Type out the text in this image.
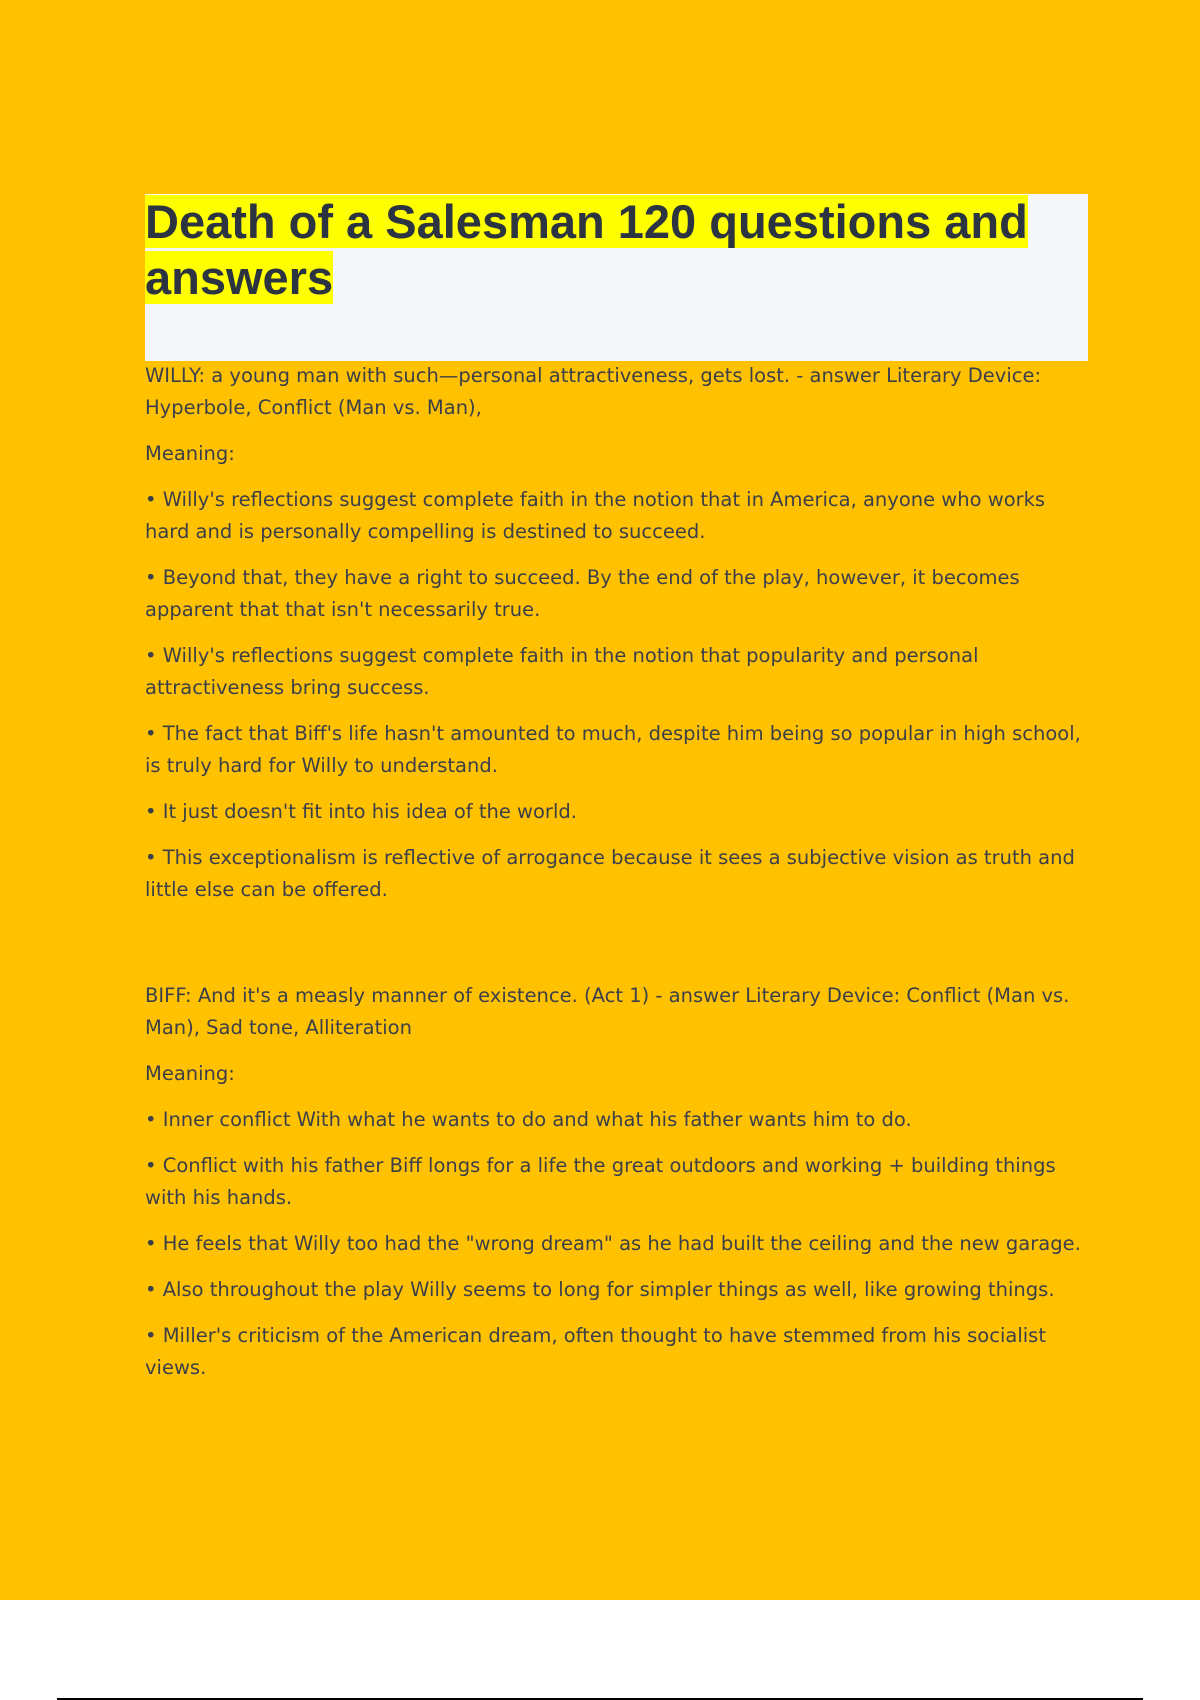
Death of a Salesman 120 questions and answers

WILLY: a young man with such—personal attractiveness, gets lost. - answer Literary Device: Hyperbole, Conflict (Man vs. Man),

Meaning:

• Willy's reflections suggest complete faith in the notion that in America, anyone who works hard and is personally compelling is destined to succeed.

• Beyond that, they have a right to succeed. By the end of the play, however, it becomes apparent that that isn't necessarily true.

• Willy's reflections suggest complete faith in the notion that popularity and personal attractiveness bring success.

• The fact that Biff's life hasn't amounted to much, despite him being so popular in high school, is truly hard for Willy to understand.

• It just doesn't fit into his idea of the world.

• This exceptionalism is reflective of arrogance because it sees a subjective vision as truth and little else can be offered.

BIFF: And it's a measly manner of existence. (Act 1) - answer Literary Device: Conflict (Man vs. Man), Sad tone, Alliteration

Meaning:

• Inner conflict With what he wants to do and what his father wants him to do.

• Conflict with his father Biff longs for a life the great outdoors and working + building things with his hands.

• He feels that Willy too had the "wrong dream" as he had built the ceiling and the new garage.

• Also throughout the play Willy seems to long for simpler things as well, like growing things.

• Miller's criticism of the American dream, often thought to have stemmed from his socialist views.
